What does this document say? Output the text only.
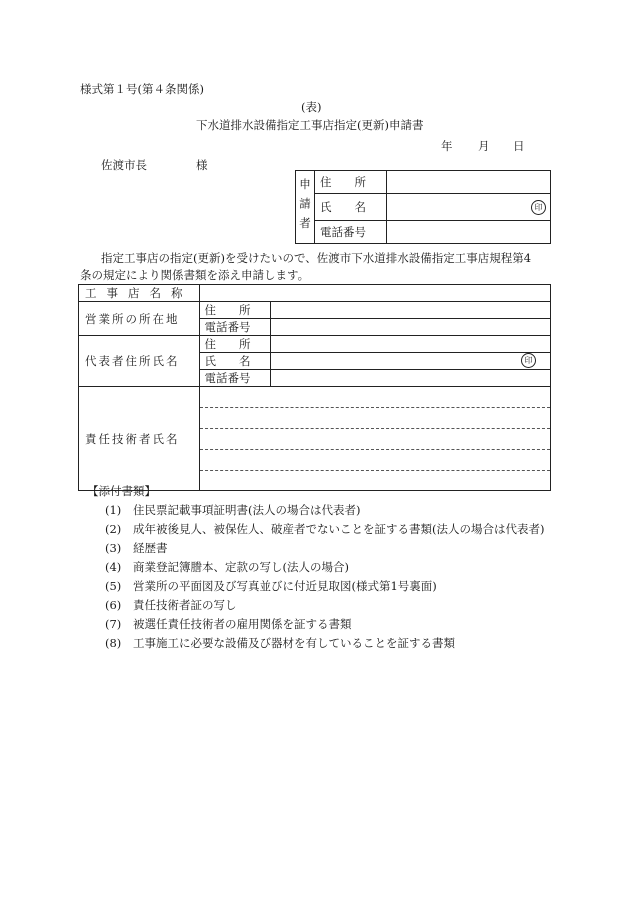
様式第１号(第４条関係)
(表)
下水道排水設備指定工事店指定(更新)申請書
年 月 日
佐渡市長	様
申請者	住　　所	

	氏　　名	印

	電話番号	
指定工事店の指定(更新)を受けたいので、佐渡市下水道排水設備指定工事店規程第4
条の規定により関係書類を添え申請します。
工事店名称		

営業所の所在地	住　　所	
	電話番号	
代表者住所氏名	住　　所	
	氏　　名	印

	電話番号	
責任技術者氏名		
【添付書類】
(1) 住民票記載事項証明書(法人の場合は代表者)
(2) 成年被後見人、被保佐人、破産者でないことを証する書類(法人の場合は代表者)
(3) 経歴書
(4) 商業登記簿謄本、定款の写し(法人の場合)
(5) 営業所の平面図及び写真並びに付近見取図(様式第1号裏面)
(6) 責任技術者証の写し
(7) 被選任責任技術者の雇用関係を証する書類
(8) 工事施工に必要な設備及び器材を有していることを証する書類
